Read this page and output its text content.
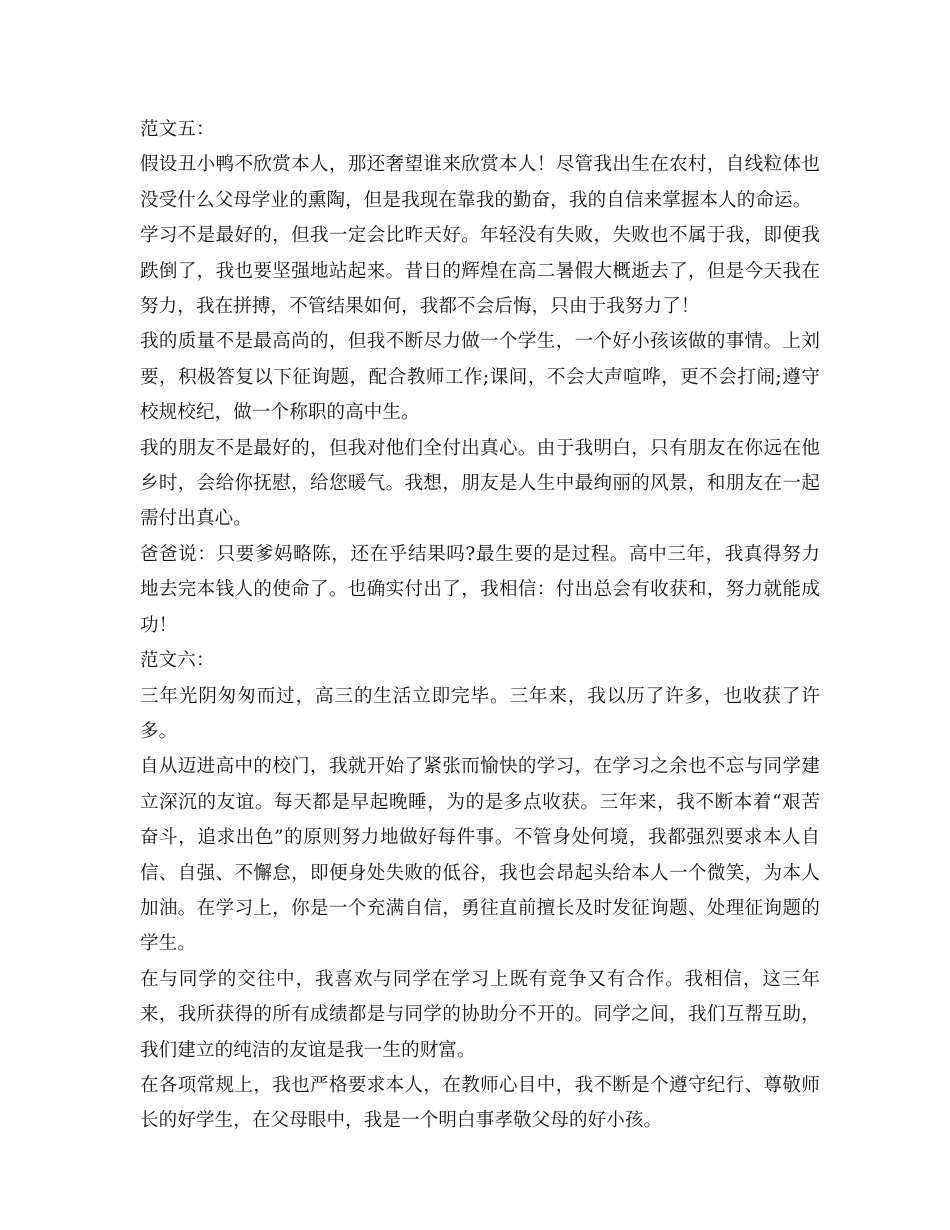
范文五：

假设丑小鸭不欣赏本人，那还奢望谁来欣赏本人！尽管我出生在农村，自线粒体也没受什么父母学业的熏陶，但是我现在靠我的勤奋，我的自信来掌握本人的命运。

学习不是最好的，但我一定会比昨天好。年轻没有失败，失败也不属于我，即便我跌倒了，我也要坚强地站起来。昔日的辉煌在高二暑假大概逝去了，但是今天我在努力，我在拼搏，不管结果如何，我都不会后悔，只由于我努力了！

我的质量不是最高尚的，但我不断尽力做一个学生，一个好小孩该做的事情。上刘要，积极答复以下征询题，配合教师工作;课间，不会大声喧哗，更不会打闹;遵守校规校纪，做一个称职的高中生。

我的朋友不是最好的，但我对他们全付出真心。由于我明白，只有朋友在你远在他乡时，会给你抚慰，给您暖气。我想，朋友是人生中最绚丽的风景，和朋友在一起需付出真心。

爸爸说：只要爹妈略陈，还在乎结果吗?最生要的是过程。高中三年，我真得努力地去完本钱人的使命了。也确实付出了，我相信：付出总会有收获和，努力就能成功！

范文六：

三年光阴匆匆而过，高三的生活立即完毕。三年来，我以历了许多，也收获了许多。

自从迈进高中的校门，我就开始了紧张而愉快的学习，在学习之余也不忘与同学建立深沉的友谊。每天都是早起晚睡，为的是多点收获。三年来，我不断本着“艰苦奋斗，追求出色”的原则努力地做好每件事。不管身处何境，我都强烈要求本人自信、自强、不懈怠，即便身处失败的低谷，我也会昂起头给本人一个微笑，为本人加油。在学习上，你是一个充满自信，勇往直前擅长及时发征询题、处理征询题的学生。

在与同学的交往中，我喜欢与同学在学习上既有竞争又有合作。我相信，这三年来，我所获得的所有成绩都是与同学的协助分不开的。同学之间，我们互帮互助，我们建立的纯洁的友谊是我一生的财富。

在各项常规上，我也严格要求本人，在教师心目中，我不断是个遵守纪行、尊敬师长的好学生，在父母眼中，我是一个明白事孝敬父母的好小孩。
